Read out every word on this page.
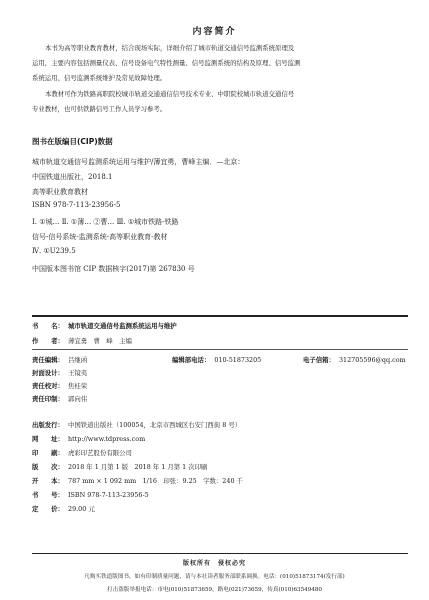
内容简介

本书为高等职业教育教材，结合现场实际，详细介绍了城市轨道交通信号监测系统原理及

运用，主要内容包括测量仪表、信号设备电气特性测量、信号监测系统的结构及原理、信号监测

系统运用、信号监测系统维护及常见故障处理。

本教材可作为铁路高职院校城市轨道交通通信信号技术专业、中职院校城市轨道交通信号

专业教材，也可供铁路信号工作人员学习参考。

图书在版编目(CIP)数据

城市轨道交通信号监测系统运用与维护/薄宜勇，曹峰主编．—北京：

中国铁道出版社，2018.1

高等职业教育教材

ISBN 978-7-113-23956-5

Ⅰ. ①城… Ⅱ. ①薄… ②曹… Ⅲ. ①城市铁路-铁路

信号-信号系统-监测系统-高等职业教育-教材

Ⅳ. ①U239.5

中国版本图书馆 CIP 数据核字(2017)第 267830 号

书　　名： 城市轨道交通信号监测系统运用与维护
作　　者： 薄宜勇　曹　峰　主编
责任编辑： 吕继函	编辑部电话： 010-51873205	电子信箱： 312705596@qq.com
封面设计： 王镜夷
责任校对： 焦桂荣
责任印制： 郭向伟
出版发行： 中国铁道出版社（100054，北京市西城区右安门西街 8 号）
网　　址： http://www.tdpress.com
印　　刷： 虎彩印艺股份有限公司
版　　次： 2018 年 1 月第 1 版　2018 年 1 月第 1 次印刷
开　　本： 787 mm × 1 092 mm　1/16　印张：9.25　字数：240 千
书　　号： ISBN 978-7-113-23956-5
定　　价： 29.00 元
版权所有　侵权必究
凡购买铁道版图书，如有印制质量问题，请与本社读者服务部联系调换。电话：(010)51873174(发行部)
打击盗版举报电话：市电(010)51873659，路电(021)73659，传真(010)63549480
